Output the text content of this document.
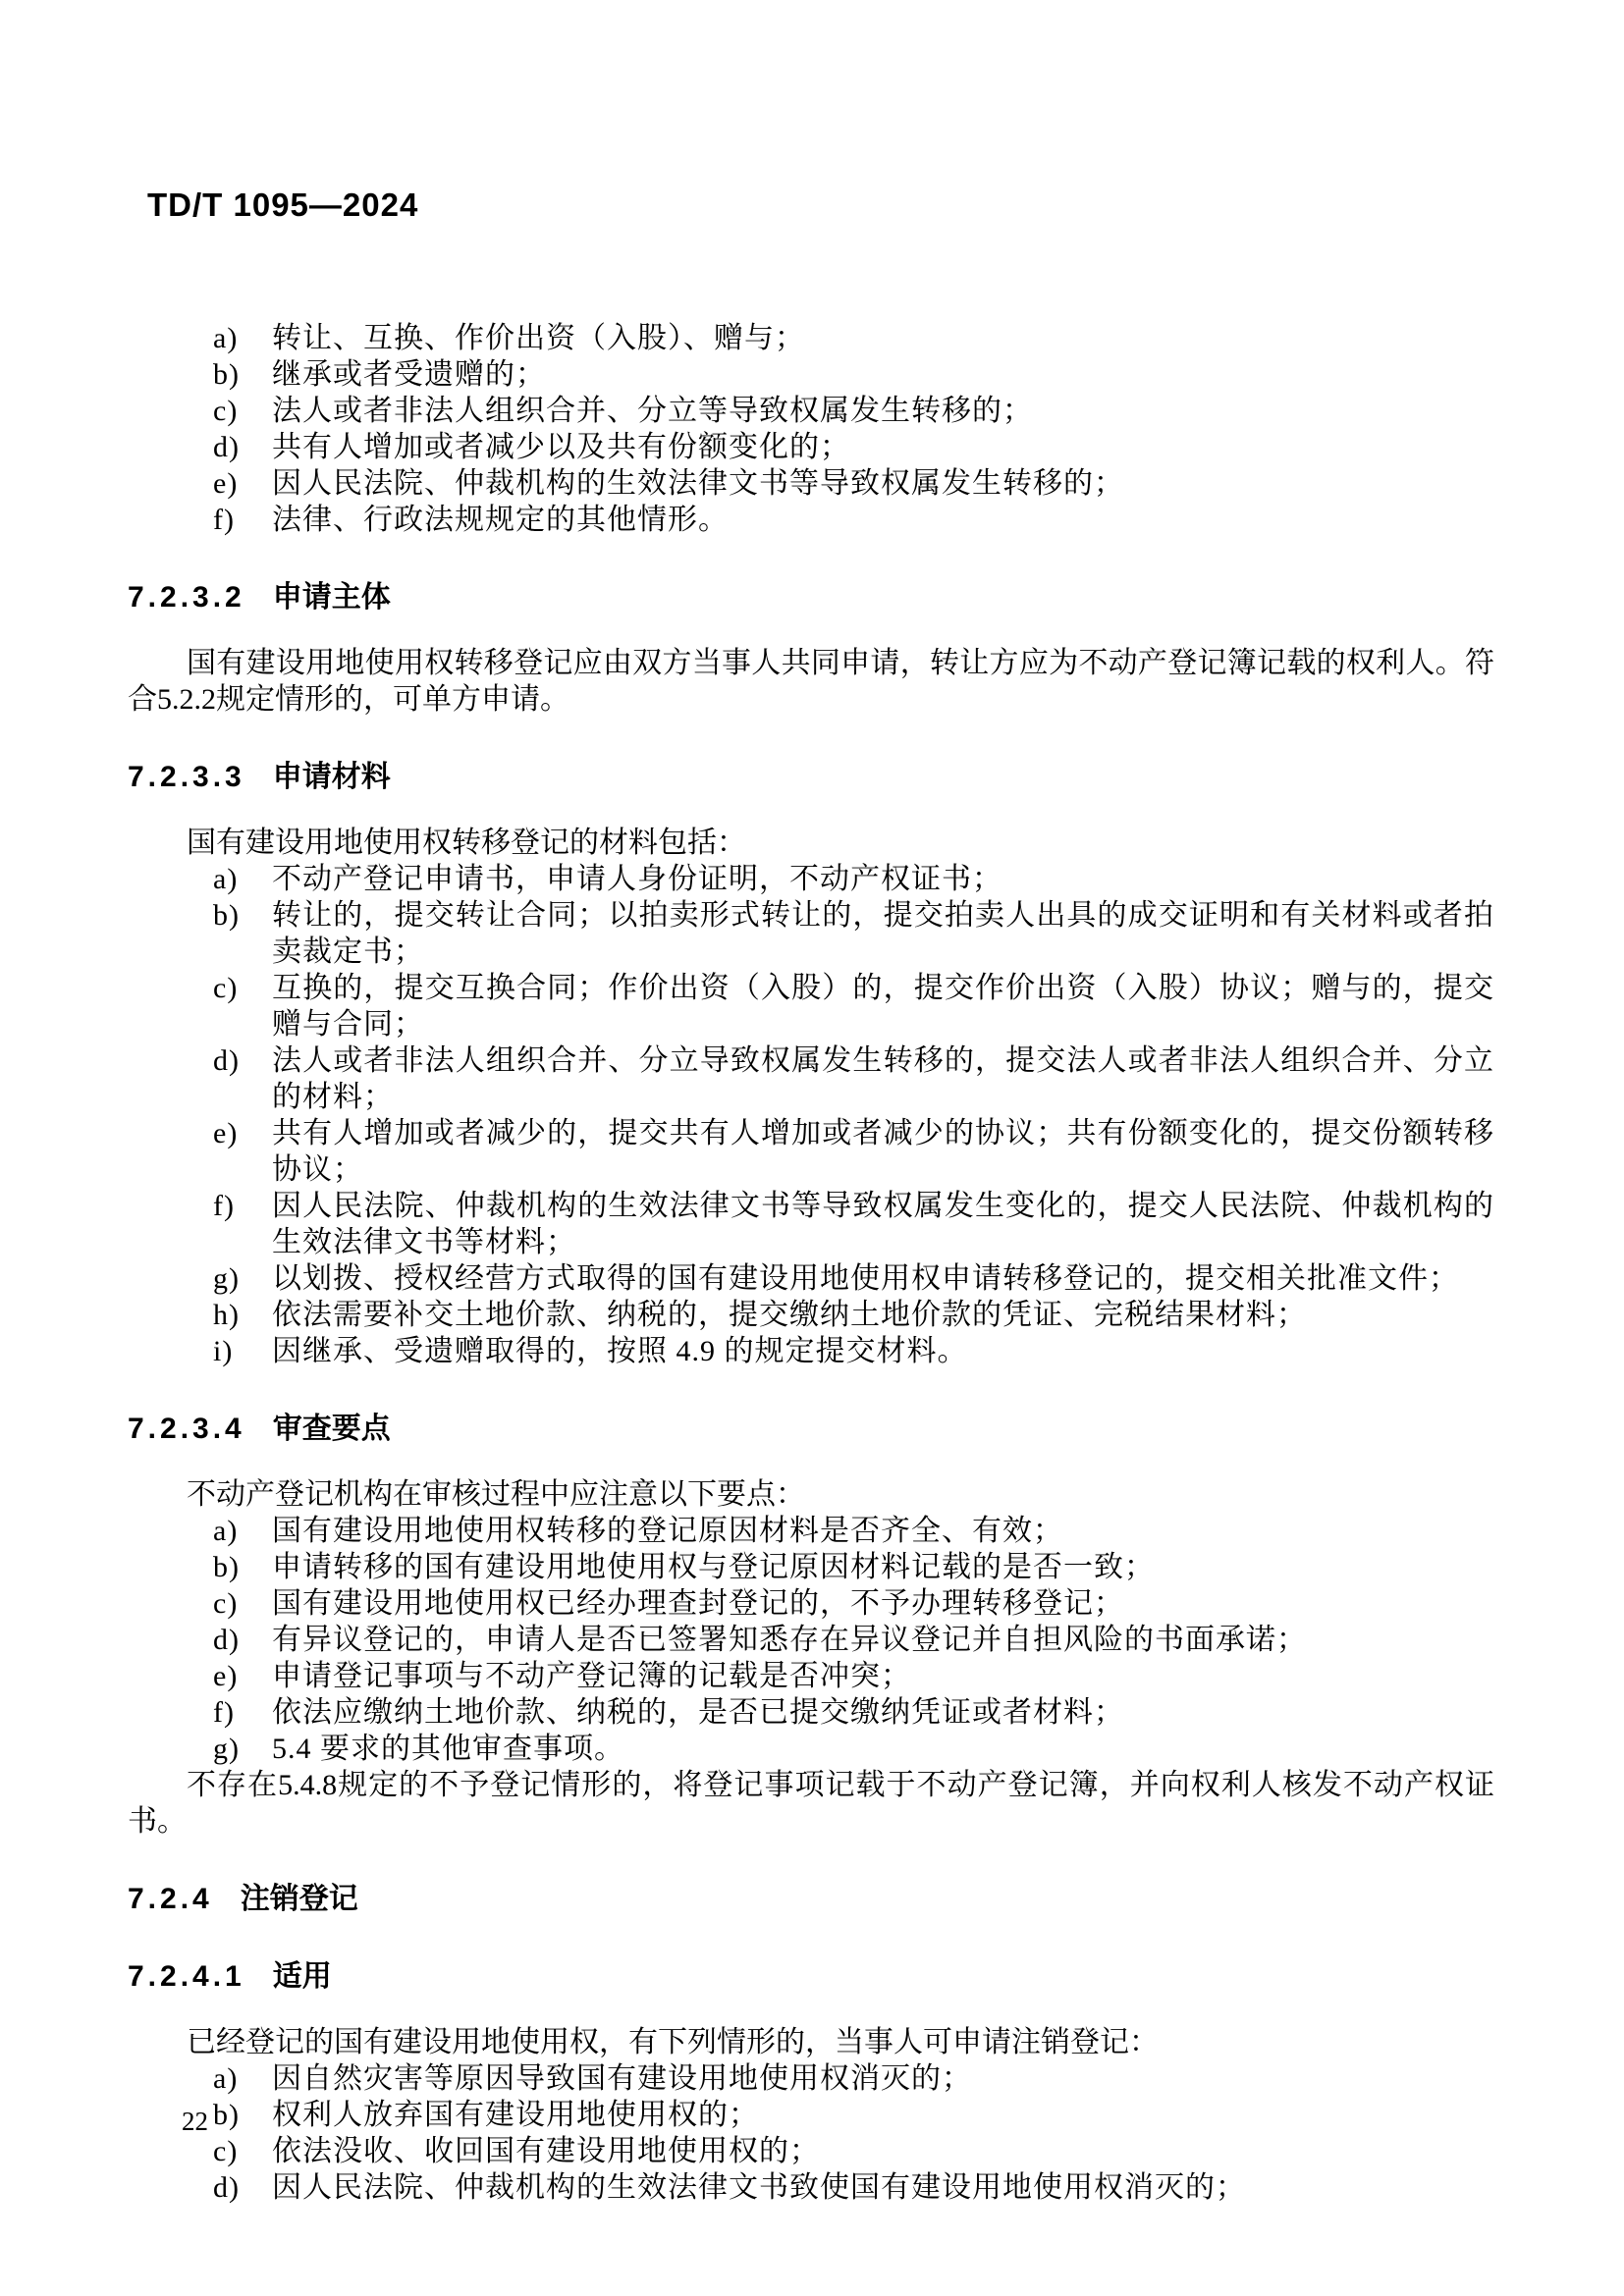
TD/T 1095—2024
a)	转让、互换、作价出资（入股）、赠与；
b)	继承或者受遗赠的；
c)	法人或者非法人组织合并、分立等导致权属发生转移的；
d)	共有人增加或者减少以及共有份额变化的；
e)	因人民法院、仲裁机构的生效法律文书等导致权属发生转移的；
f)	法律、行政法规规定的其他情形。
7.2.3.2 申请主体

国有建设用地使用权转移登记应由双方当事人共同申请，转让方应为不动产登记簿记载的权利人。符合5.2.2规定情形的，可单方申请。

7.2.3.3 申请材料

国有建设用地使用权转移登记的材料包括：

a)	不动产登记申请书，申请人身份证明，不动产权证书；
b)	转让的，提交转让合同；以拍卖形式转让的，提交拍卖人出具的成交证明和有关材料或者拍卖裁定书；
c)	互换的，提交互换合同；作价出资（入股）的，提交作价出资（入股）协议；赠与的，提交赠与合同；
d)	法人或者非法人组织合并、分立导致权属发生转移的，提交法人或者非法人组织合并、分立的材料；
e)	共有人增加或者减少的，提交共有人增加或者减少的协议；共有份额变化的，提交份额转移协议；
f)	因人民法院、仲裁机构的生效法律文书等导致权属发生变化的，提交人民法院、仲裁机构的生效法律文书等材料；
g)	以划拨、授权经营方式取得的国有建设用地使用权申请转移登记的，提交相关批准文件；
h)	依法需要补交土地价款、纳税的，提交缴纳土地价款的凭证、完税结果材料；
i)	因继承、受遗赠取得的，按照 4.9 的规定提交材料。
7.2.3.4 审查要点

不动产登记机构在审核过程中应注意以下要点：

a)	国有建设用地使用权转移的登记原因材料是否齐全、有效；
b)	申请转移的国有建设用地使用权与登记原因材料记载的是否一致；
c)	国有建设用地使用权已经办理查封登记的，不予办理转移登记；
d)	有异议登记的，申请人是否已签署知悉存在异议登记并自担风险的书面承诺；
e)	申请登记事项与不动产登记簿的记载是否冲突；
f)	依法应缴纳土地价款、纳税的，是否已提交缴纳凭证或者材料；
g)	5.4 要求的其他审查事项。

不存在5.4.8规定的不予登记情形的，将登记事项记载于不动产登记簿，并向权利人核发不动产权证书。

7.2.4 注销登记
7.2.4.1 适用

已经登记的国有建设用地使用权，有下列情形的，当事人可申请注销登记：

a)	因自然灾害等原因导致国有建设用地使用权消灭的；
b)	权利人放弃国有建设用地使用权的；
c)	依法没收、收回国有建设用地使用权的；
d)	因人民法院、仲裁机构的生效法律文书致使国有建设用地使用权消灭的；
22
